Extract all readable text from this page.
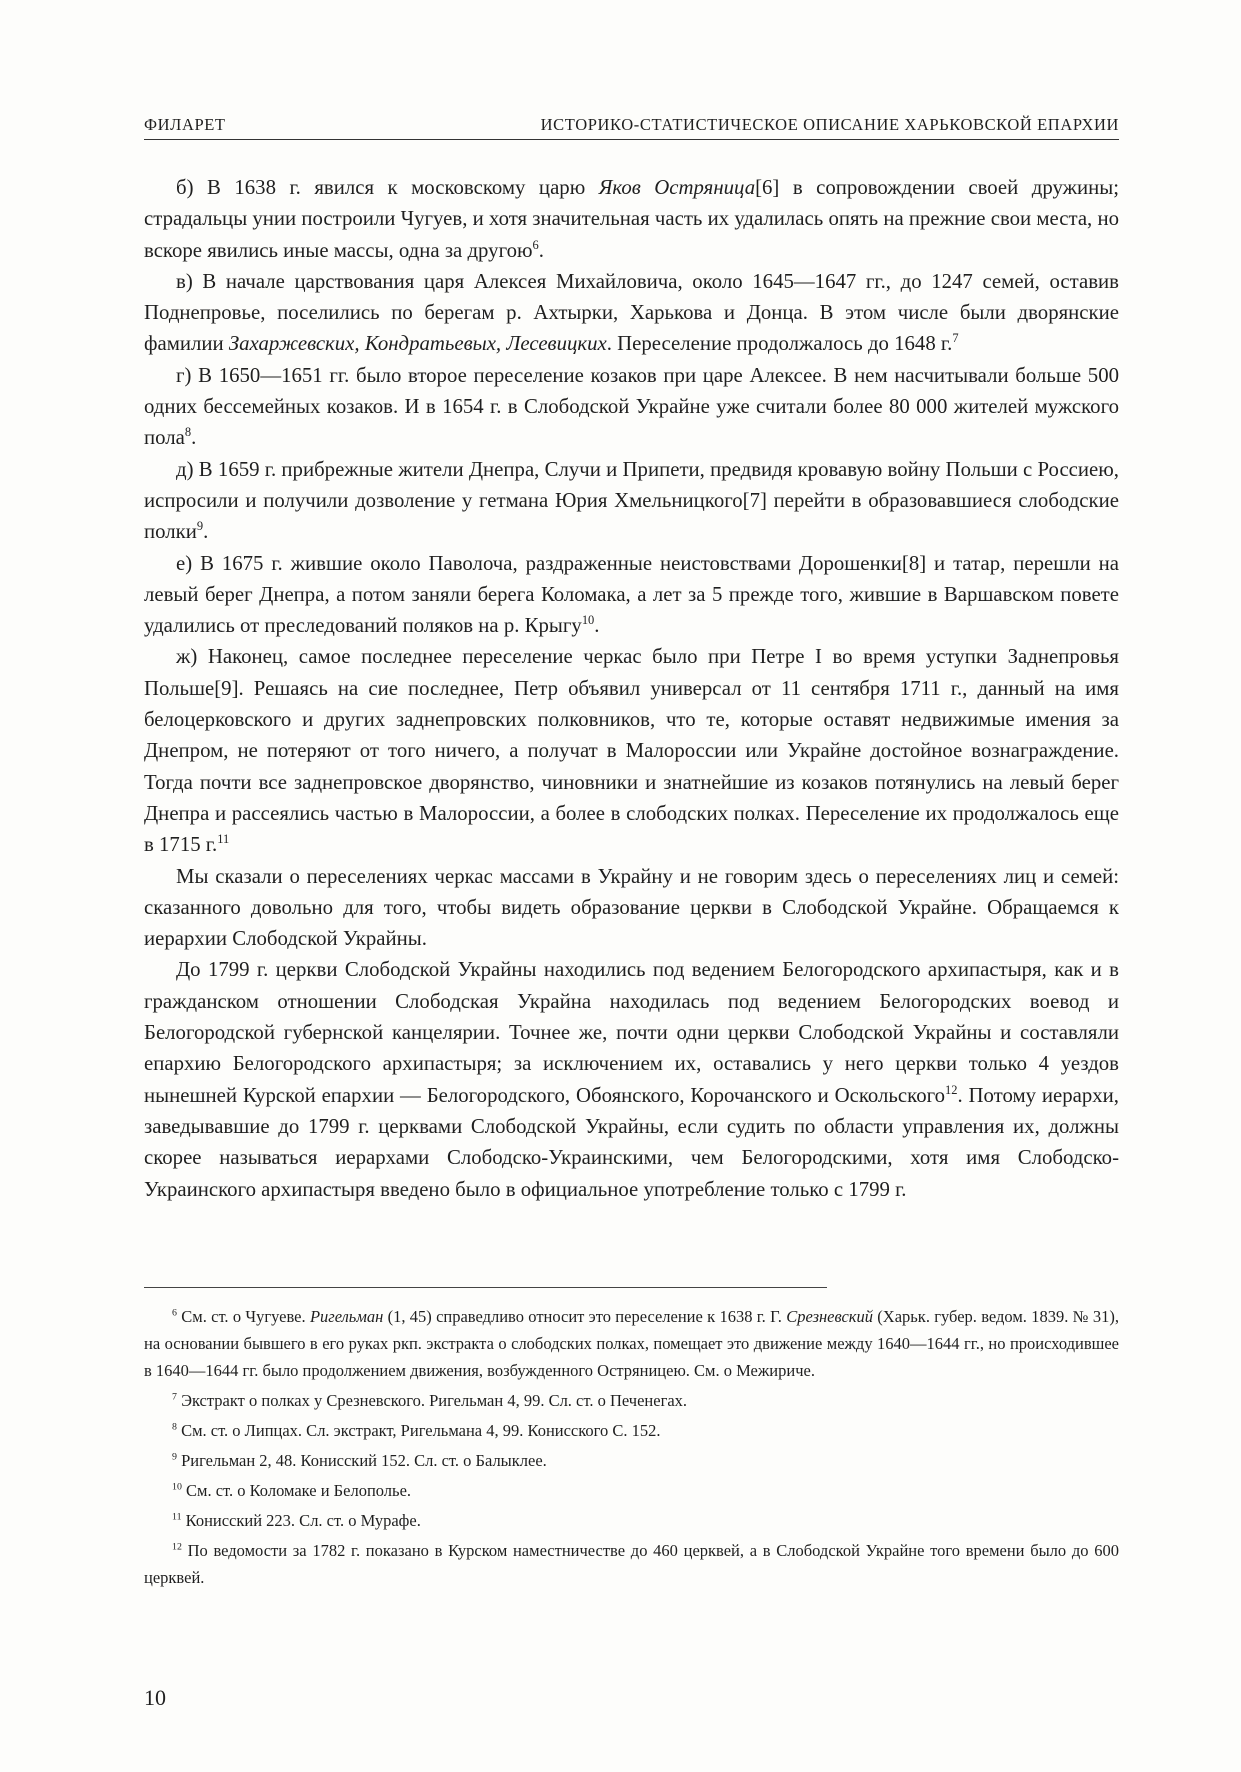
ФИЛАРЕТ	ИСТОРИКО-СТАТИСТИЧЕСКОЕ ОПИСАНИЕ ХАРЬКОВСКОЙ ЕПАРХИИ

б) В 1638 г. явился к московскому царю Яков Остряница[6] в сопровождении своей дружины; страдальцы унии построили Чугуев, и хотя значительная часть их удалилась опять на прежние свои места, но вскоре явились иные массы, одна за другою$^6$.

в) В начале царствования царя Алексея Михайловича, около 1645—1647 гг., до 1247 семей, оставив Поднепровье, поселились по берегам р. Ахтырки, Харькова и Донца. В этом числе были дворянские фамилии Захаржевских, Кондратьевых, Лесевицких. Переселение продолжалось до 1648 г.$^7$

г) В 1650—1651 гг. было второе переселение козаков при царе Алексее. В нем насчитывали больше 500 одних бессемейных козаков. И в 1654 г. в Слободской Украйне уже считали более 80 000 жителей мужского пола$^8$.

д) В 1659 г. прибрежные жители Днепра, Случи и Припети, предвидя кровавую войну Польши с Россиею, испросили и получили дозволение у гетмана Юрия Хмельницкого[7] перейти в образовавшиеся слободские полки$^9$.

е) В 1675 г. жившие около Паволоча, раздраженные неистовствами Дорошенки[8] и татар, перешли на левый берег Днепра, а потом заняли берега Коломака, а лет за 5 прежде того, жившие в Варшавском повете удалились от преследований поляков на р. Крыгу$^{10}$.

ж) Наконец, самое последнее переселение черкас было при Петре I во время уступки Заднепровья Польше[9]. Решаясь на сие последнее, Петр объявил универсал от 11 сентября 1711 г., данный на имя белоцерковского и других заднепровских полковников, что те, которые оставят недвижимые имения за Днепром, не потеряют от того ничего, а получат в Малороссии или Украйне достойное вознаграждение. Тогда почти все заднепровское дворянство, чиновники и знатнейшие из козаков потянулись на левый берег Днепра и рассеялись частью в Малороссии, а более в слободских полках. Переселение их продолжалось еще в 1715 г.$^{11}$

Мы сказали о переселениях черкас массами в Украйну и не говорим здесь о переселениях лиц и семей: сказанного довольно для того, чтобы видеть образование церкви в Слободской Украйне. Обращаемся к иерархии Слободской Украйны.

До 1799 г. церкви Слободской Украйны находились под ведением Белогородского архипастыря, как и в гражданском отношении Слободская Украйна находилась под ведением Белогородских воевод и Белогородской губернской канцелярии. Точнее же, почти одни церкви Слободской Украйны и составляли епархию Белогородского архипастыря; за исключением их, оставались у него церкви только 4 уездов нынешней Курской епархии — Белогородского, Обоянского, Корочанского и Оскольского$^{12}$. Потому иерархи, заведывавшие до 1799 г. церквами Слободской Украйны, если судить по области управления их, должны скорее называться иерархами Слободско-Украинскими, чем Белогородскими, хотя имя Слободско-Украинского архипастыря введено было в официальное употребление только с 1799 г.

$^6$ См. ст. о Чугуеве. Ригельман (1, 45) справедливо относит это переселение к 1638 г. Г. Срезневский (Харьк. губер. ведом. 1839. № 31), на основании бывшего в его руках ркп. экстракта о слободских полках, помещает это движение между 1640—1644 гг., но происходившее в 1640—1644 гг. было продолжением движения, возбужденного Остряницею. См. о Межириче.

$^7$ Экстракт о полках у Срезневского. Ригельман 4, 99. Сл. ст. о Печенегах.

$^8$ См. ст. о Липцах. Сл. экстракт, Ригельмана 4, 99. Конисского С. 152.

$^9$ Ригельман 2, 48. Конисский 152. Сл. ст. о Балыклее.

$^{10}$ См. ст. о Коломаке и Белополье.

$^{11}$ Конисский 223. Сл. ст. о Мурафе.

$^{12}$ По ведомости за 1782 г. показано в Курском наместничестве до 460 церквей, а в Слободской Украйне того времени было до 600 церквей.

10
